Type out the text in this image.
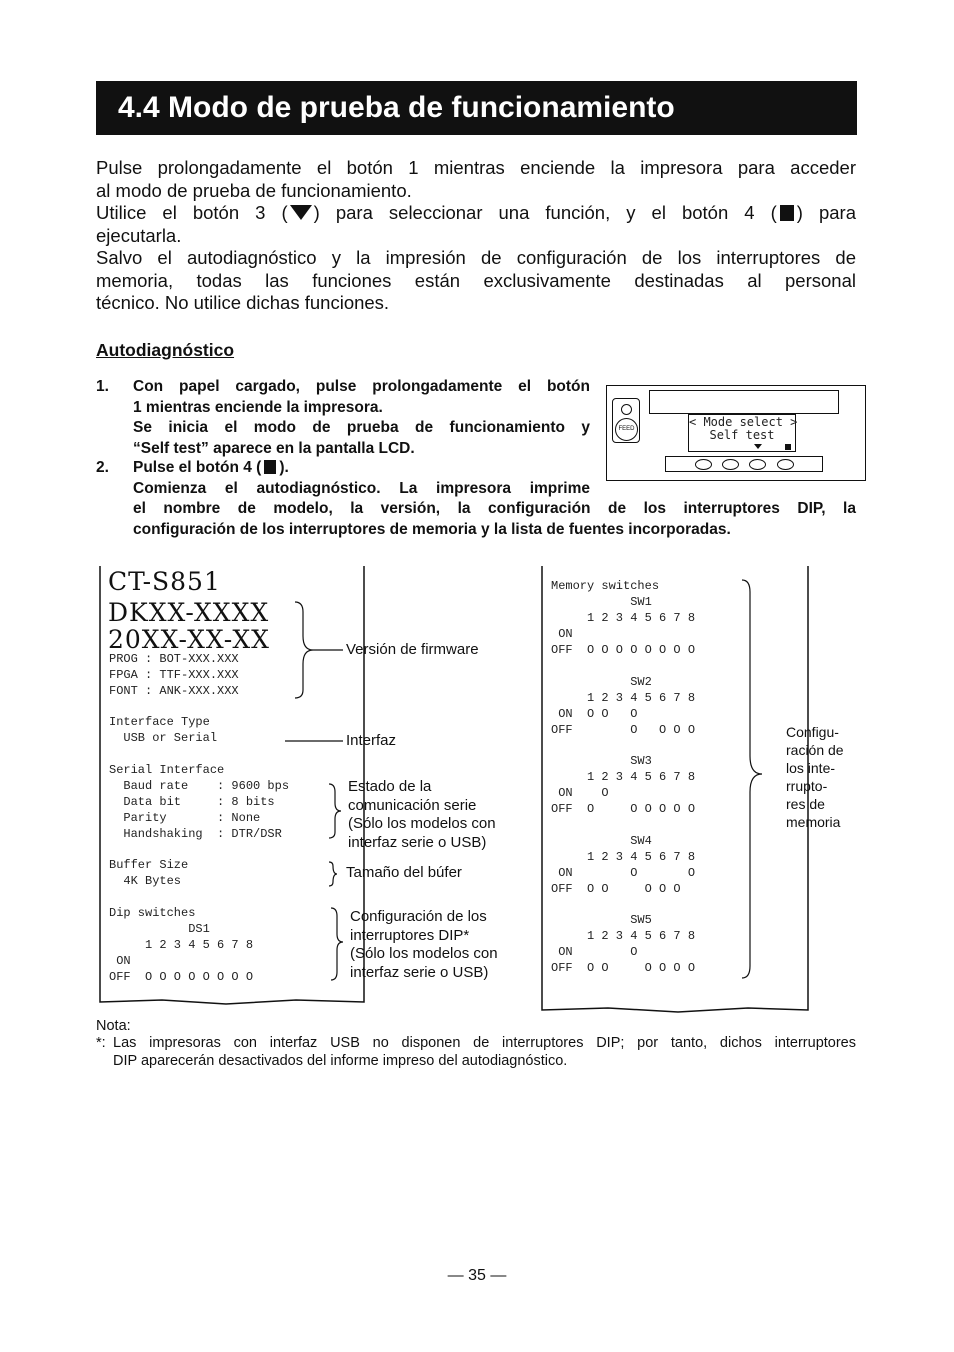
4.4 Modo de prueba de funcionamiento
Pulse prolongadamente el botón 1 mientras enciende la impresora para acceder
al modo de prueba de funcionamiento.
Utilice el botón 3 ( ) para seleccionar una función, y el botón 4 ( ) para
ejecutarla.
Salvo el autodiagnóstico y la impresión de configuración de los interruptores de
memoria, todas las funciones están exclusivamente destinadas al personal
técnico. No utilice dichas funciones.
Autodiagnóstico
1. Con papel cargado, pulse prolongadamente el botón
1 mientras enciende la impresora.
Se inicia el modo de prueba de funcionamiento y
“Self test” aparece en la pantalla LCD.
2. Pulse el botón 4 ( ).
Comienza el autodiagnóstico. La impresora imprime
el nombre de modelo, la versión, la configuración de los interruptores DIP, la
configuración de los interruptores de memoria y la lista de fuentes incorporadas.
FEED	< Mode select >
Self test
CT-S851
DKXX-XXXX
20XX-XX-XX
PROG : BOT-XXX.XXX
FPGA : TTF-XXX.XXX
FONT : ANK-XXX.XXX
Interface Type
USB or Serial
Serial Interface
Baud rate    : 9600 bps
Data bit     : 8 bits
Parity       : None
Handshaking  : DTR/DSR
Buffer Size
4K Bytes
Dip switches
DS1
1 2 3 4 5 6 7 8
ON
OFF  O O O O O O O O
Versión de firmware
Interfaz
Estado de la
comunicación serie
(Sólo los modelos con
interfaz serie o USB)
Tamaño del búfer
Configuración de los
interruptores DIP*
(Sólo los modelos con
interfaz serie o USB)
Configu-
ración de
los inte-
rrupto-
res de
memoria
Memory switches
SW1
1 2 3 4 5 6 7 8
ON
OFF  O O O O O O O O
SW2
1 2 3 4 5 6 7 8
ON  O O   O
OFF        O   O O O
SW3
1 2 3 4 5 6 7 8
ON    O
OFF  O     O O O O O
SW4
1 2 3 4 5 6 7 8
ON        O       O
OFF  O O     O O O
SW5
1 2 3 4 5 6 7 8
ON        O
OFF  O O     O O O O
Nota:
*: Las impresoras con interfaz USB no disponen de interruptores DIP; por tanto, dichos interruptores
DIP aparecerán desactivados del informe impreso del autodiagnóstico.
— 35 —
